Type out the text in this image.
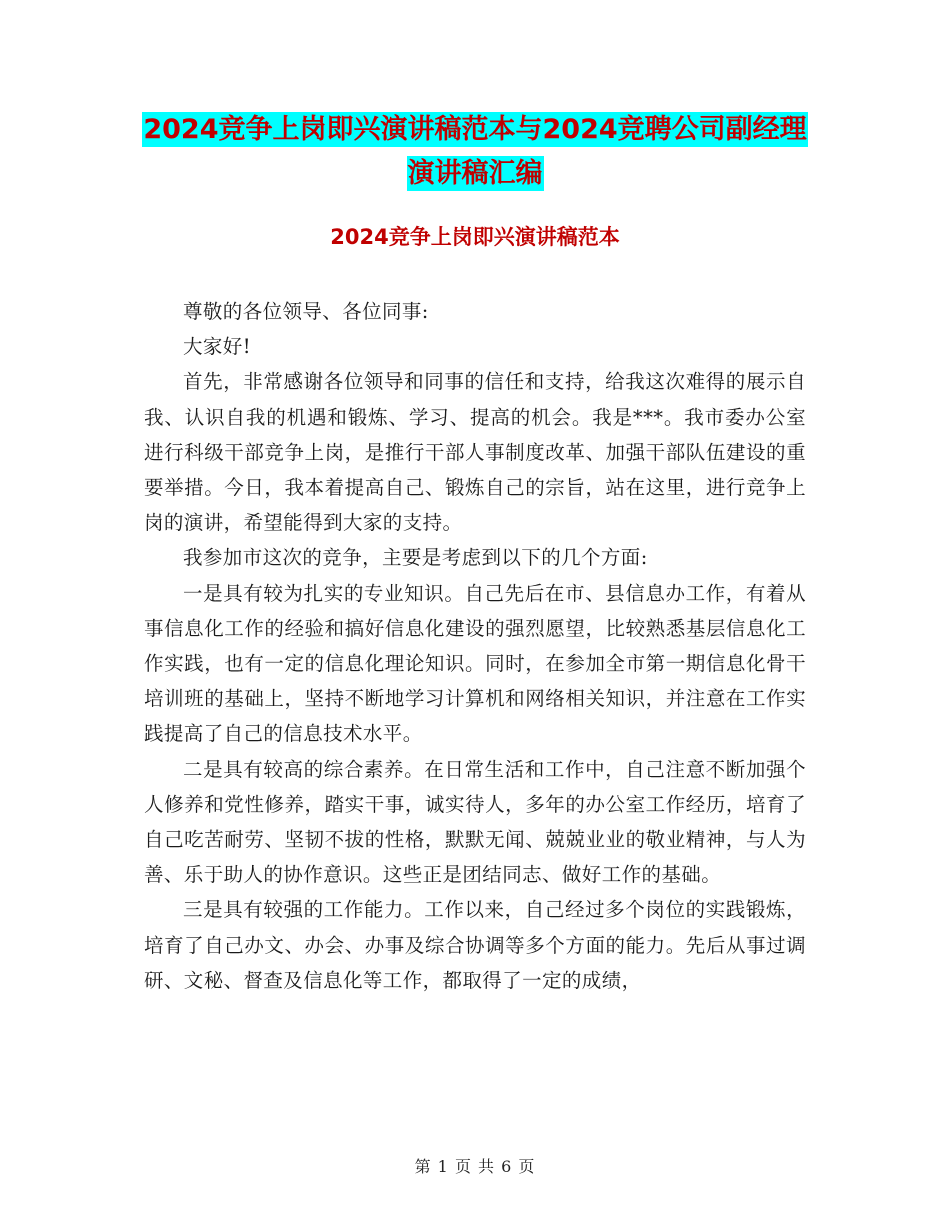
2024竞争上岗即兴演讲稿范本与2024竞聘公司副经理
演讲稿汇编
2024竞争上岗即兴演讲稿范本

尊敬的各位领导、各位同事:

大家好!

首先，非常感谢各位领导和同事的信任和支持，给我这次难得的展示自我、认识自我的机遇和锻炼、学习、提高的机会。我是***。我市委办公室进行科级干部竞争上岗，是推行干部人事制度改革、加强干部队伍建设的重要举措。今日，我本着提高自己、锻炼自己的宗旨，站在这里，进行竞争上岗的演讲，希望能得到大家的支持。

我参加市这次的竞争，主要是考虑到以下的几个方面:

一是具有较为扎实的专业知识。自己先后在市、县信息办工作，有着从事信息化工作的经验和搞好信息化建设的强烈愿望，比较熟悉基层信息化工作实践，也有一定的信息化理论知识。同时，在参加全市第一期信息化骨干培训班的基础上，坚持不断地学习计算机和网络相关知识，并注意在工作实践提高了自己的信息技术水平。

二是具有较高的综合素养。在日常生活和工作中，自己注意不断加强个人修养和党性修养，踏实干事，诚实待人，多年的办公室工作经历，培育了自己吃苦耐劳、坚韧不拔的性格，默默无闻、兢兢业业的敬业精神，与人为善、乐于助人的协作意识。这些正是团结同志、做好工作的基础。

三是具有较强的工作能力。工作以来，自己经过多个岗位的实践锻炼，培育了自己办文、办会、办事及综合协调等多个方面的能力。先后从事过调研、文秘、督查及信息化等工作，都取得了一定的成绩，

第 1 页 共 6 页
